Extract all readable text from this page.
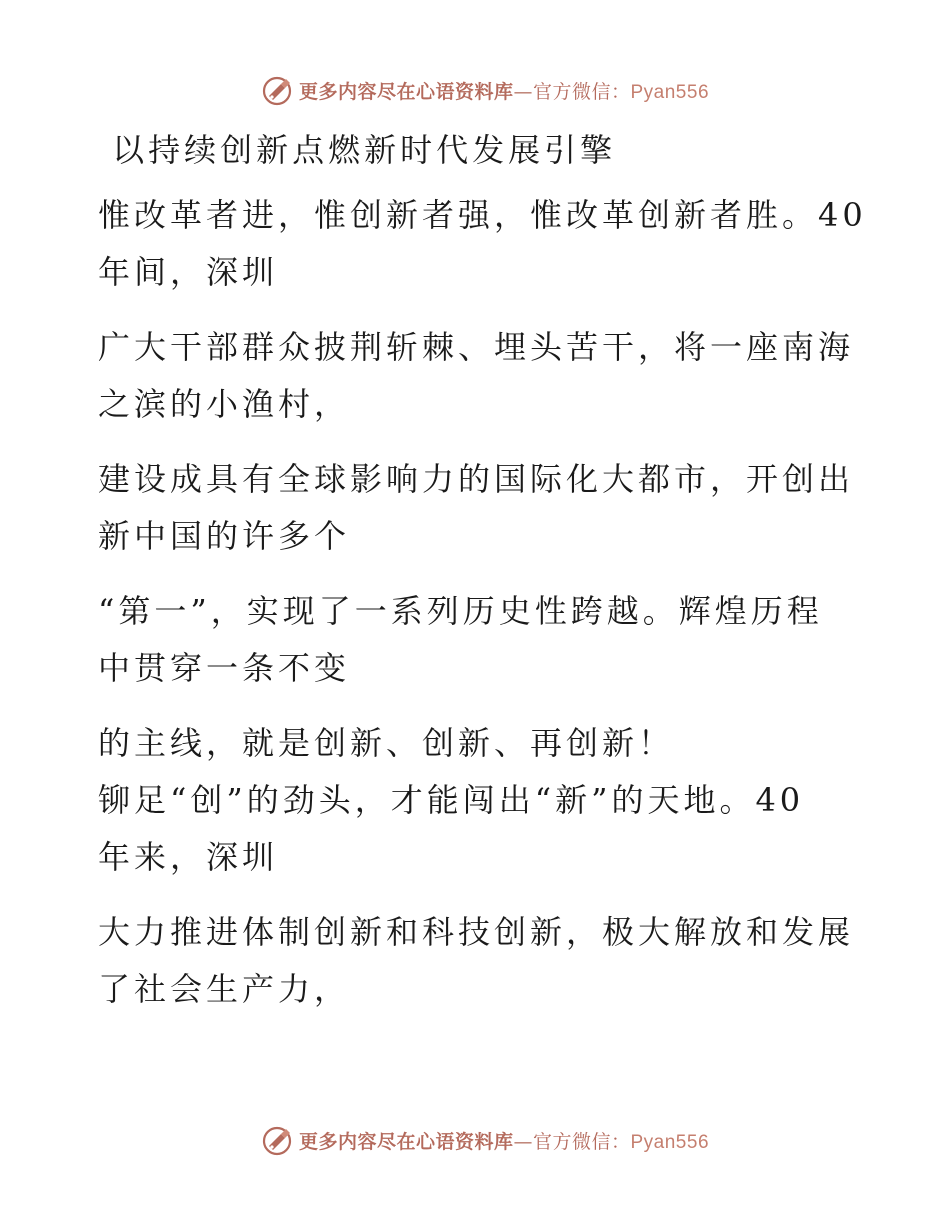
更多内容尽在心语资料库—官方微信：Pyan556
以持续创新点燃新时代发展引擎
惟改革者进，惟创新者强，惟改革创新者胜。40
年间，深圳
广大干部群众披荆斩棘、埋头苦干，将一座南海
之滨的小渔村，
建设成具有全球影响力的国际化大都市，开创出
新中国的许多个
“第一”，实现了一系列历史性跨越。辉煌历程
中贯穿一条不变
的主线，就是创新、创新、再创新！
铆足“创”的劲头，才能闯出“新”的天地。40
年来，深圳
大力推进体制创新和科技创新，极大解放和发展
了社会生产力，
更多内容尽在心语资料库—官方微信：Pyan556
